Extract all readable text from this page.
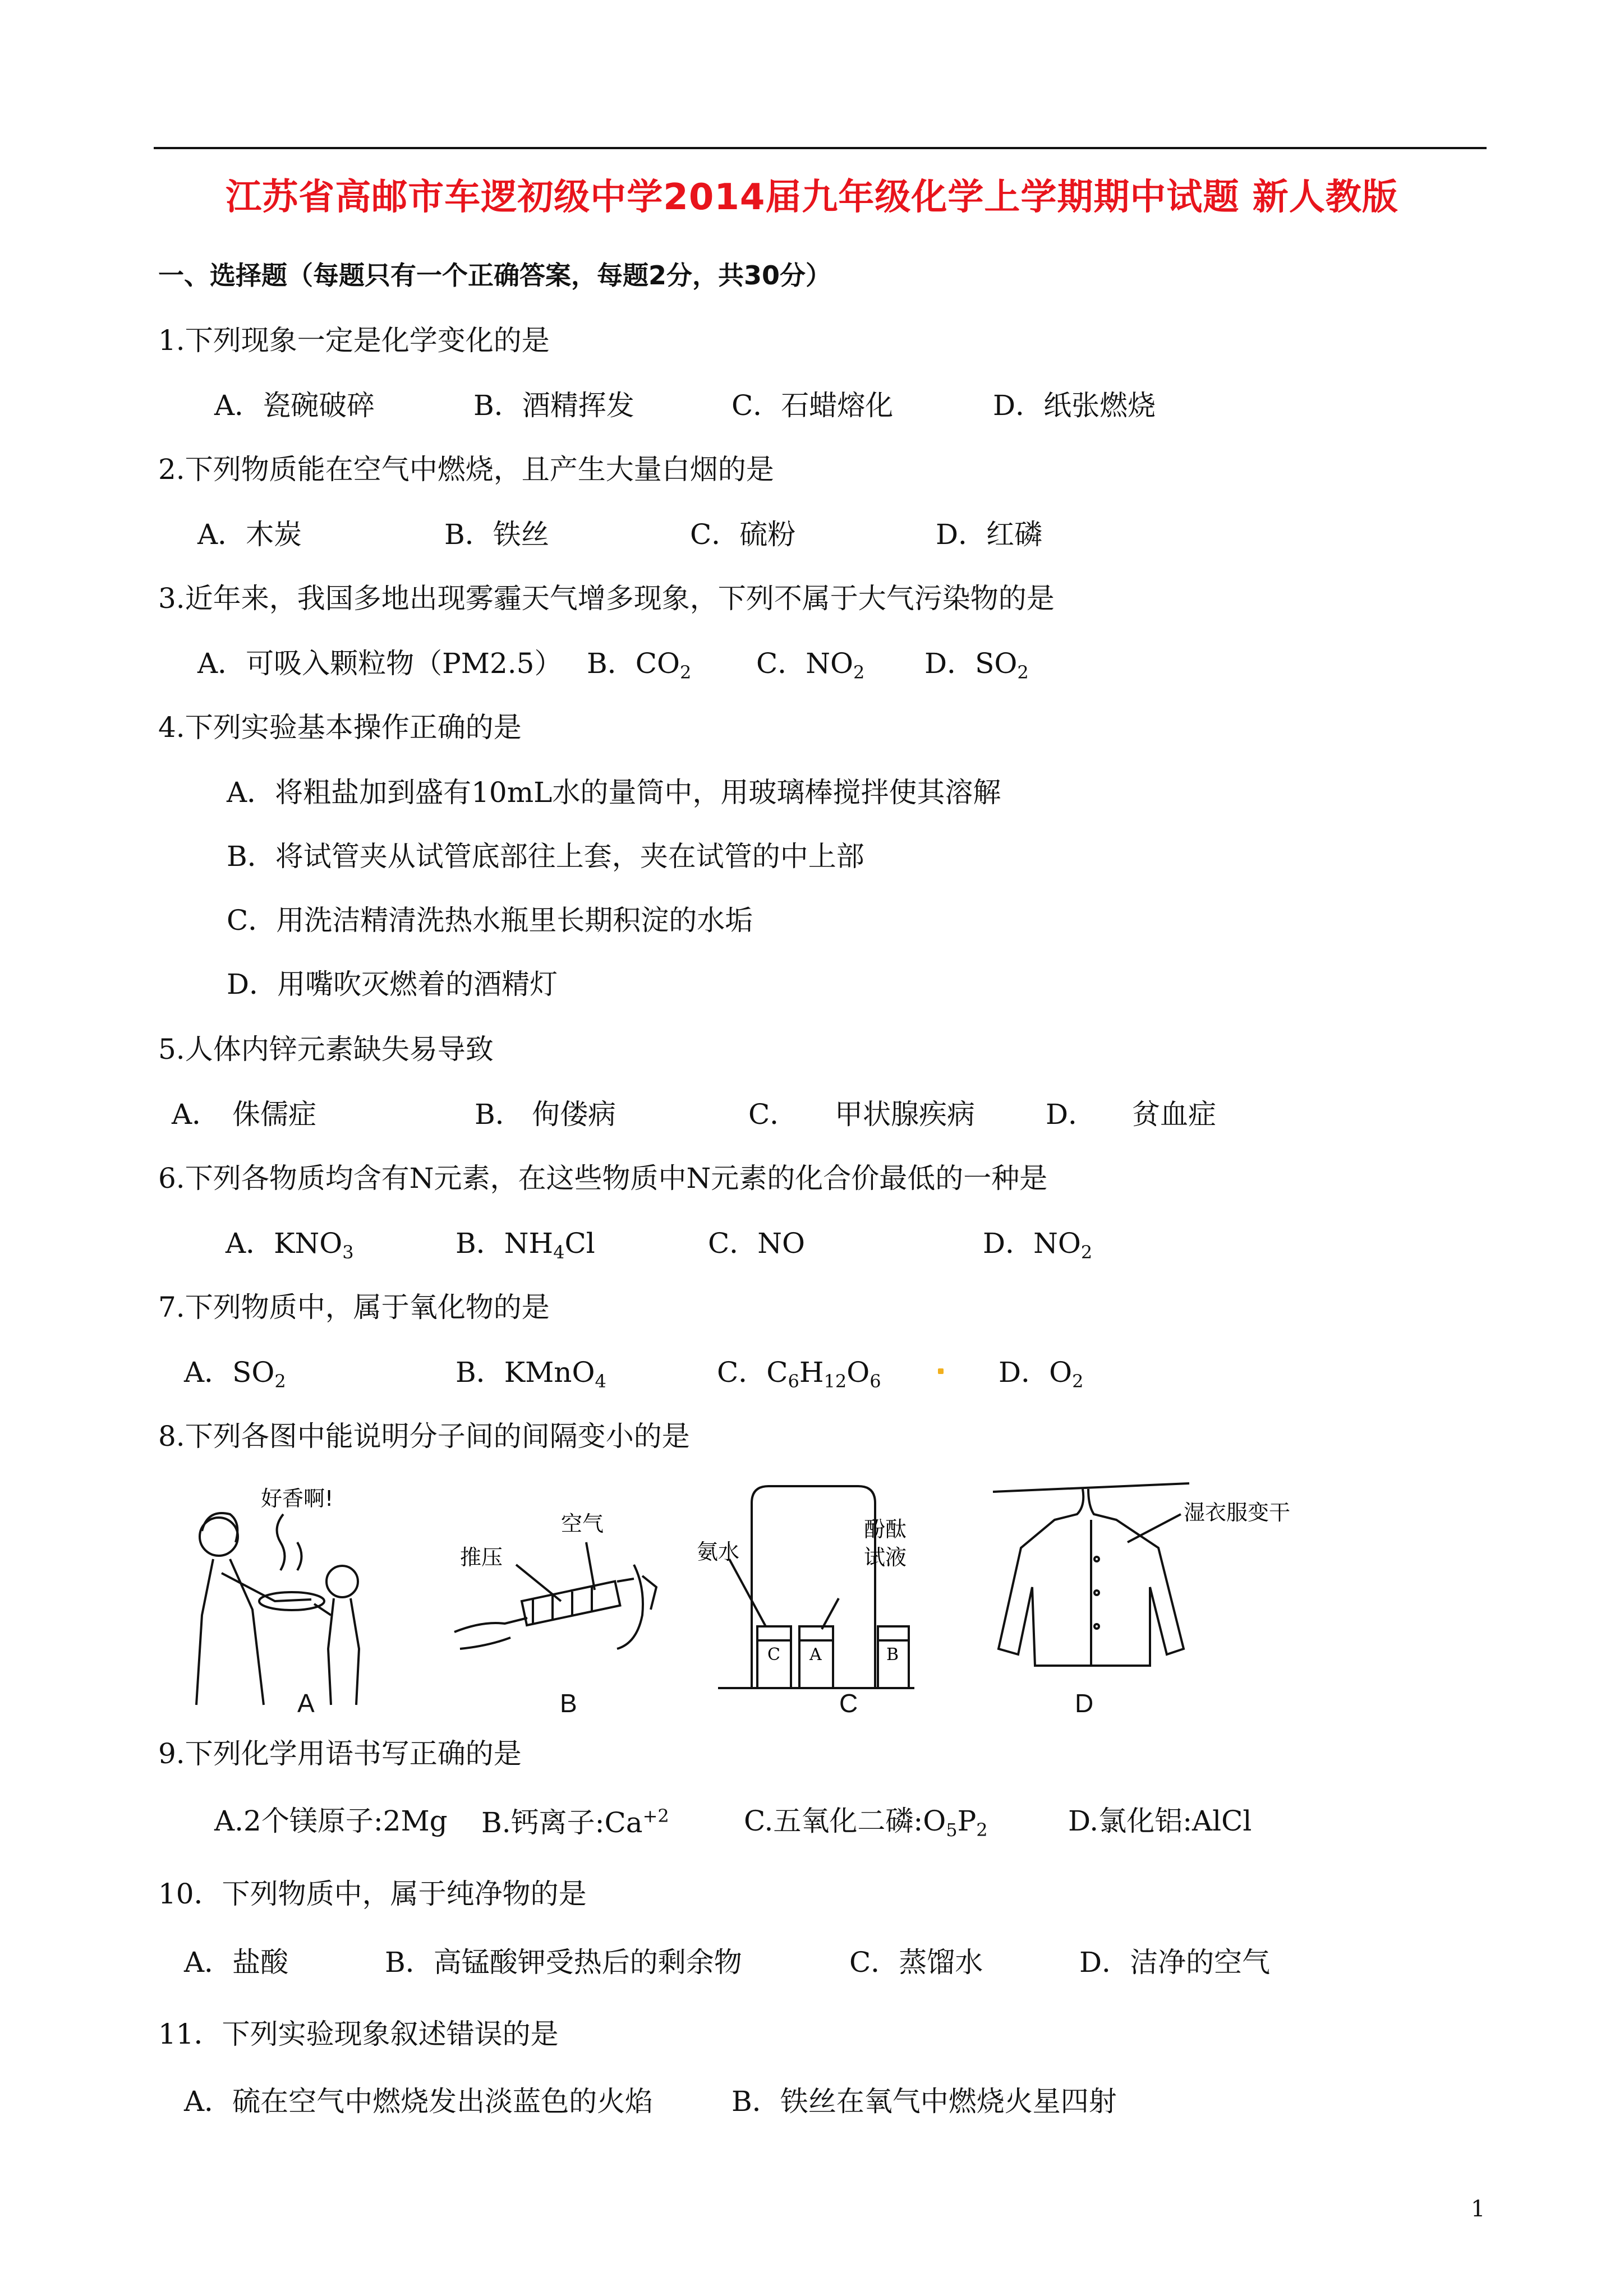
江苏省高邮市车逻初级中学2014届九年级化学上学期期中试题 新人教版
一、选择题（每题只有一个正确答案，每题2分，共30分）
1.下列现象一定是化学变化的是
A．瓷碗破碎	B．酒精挥发	C．石蜡熔化	D．纸张燃烧
2.下列物质能在空气中燃烧，且产生大量白烟的是
A．木炭	B．铁丝	C．硫粉	D．红磷
3.近年来，我国多地出现雾霾天气增多现象，下列不属于大气污染物的是
A．可吸入颗粒物（PM2.5） B．$CO_2$ C．$NO_2$ D．$SO_2$
4.下列实验基本操作正确的是
A．将粗盐加到盛有10mL水的量筒中，用玻璃棒搅拌使其溶解
B．将试管夹从试管底部往上套，夹在试管的中上部
C．用洗洁精清洗热水瓶里长期积淀的水垢
D．用嘴吹灭燃着的酒精灯
5.人体内锌元素缺失易导致
A． 侏儒症	B． 佝偻病	C． 甲状腺疾病	D． 贫血症
6.下列各物质均含有N元素，在这些物质中N元素的化合价最低的一种是
A．$KNO_3$	B．$NH_4Cl$	C．NO	D．$NO_2$
7.下列物质中，属于氧化物的是
A．$SO_2$	B．KMnO$_4$	C．$C_6H_{12}O_6$	D．$O_2$
8.下列各图中能说明分子间的间隔变小的是
好香啊!
推压
空气
氨水
酚酞
试液
C A	B
湿衣服变干
A	B	C	D
9.下列化学用语书写正确的是
A.2个镁原子:2Mg B.钙离子$:Ca^{+2}$	C.五氧化二磷$:O_5P_2$	D.氯化铝:AlCl
10．下列物质中，属于纯净物的是
A．盐酸	B．高锰酸钾受热后的剩余物	C．蒸馏水	D．洁净的空气
11．下列实验现象叙述错误的是
A．硫在空气中燃烧发出淡蓝色的火焰	B．铁丝在氧气中燃烧火星四射
1
